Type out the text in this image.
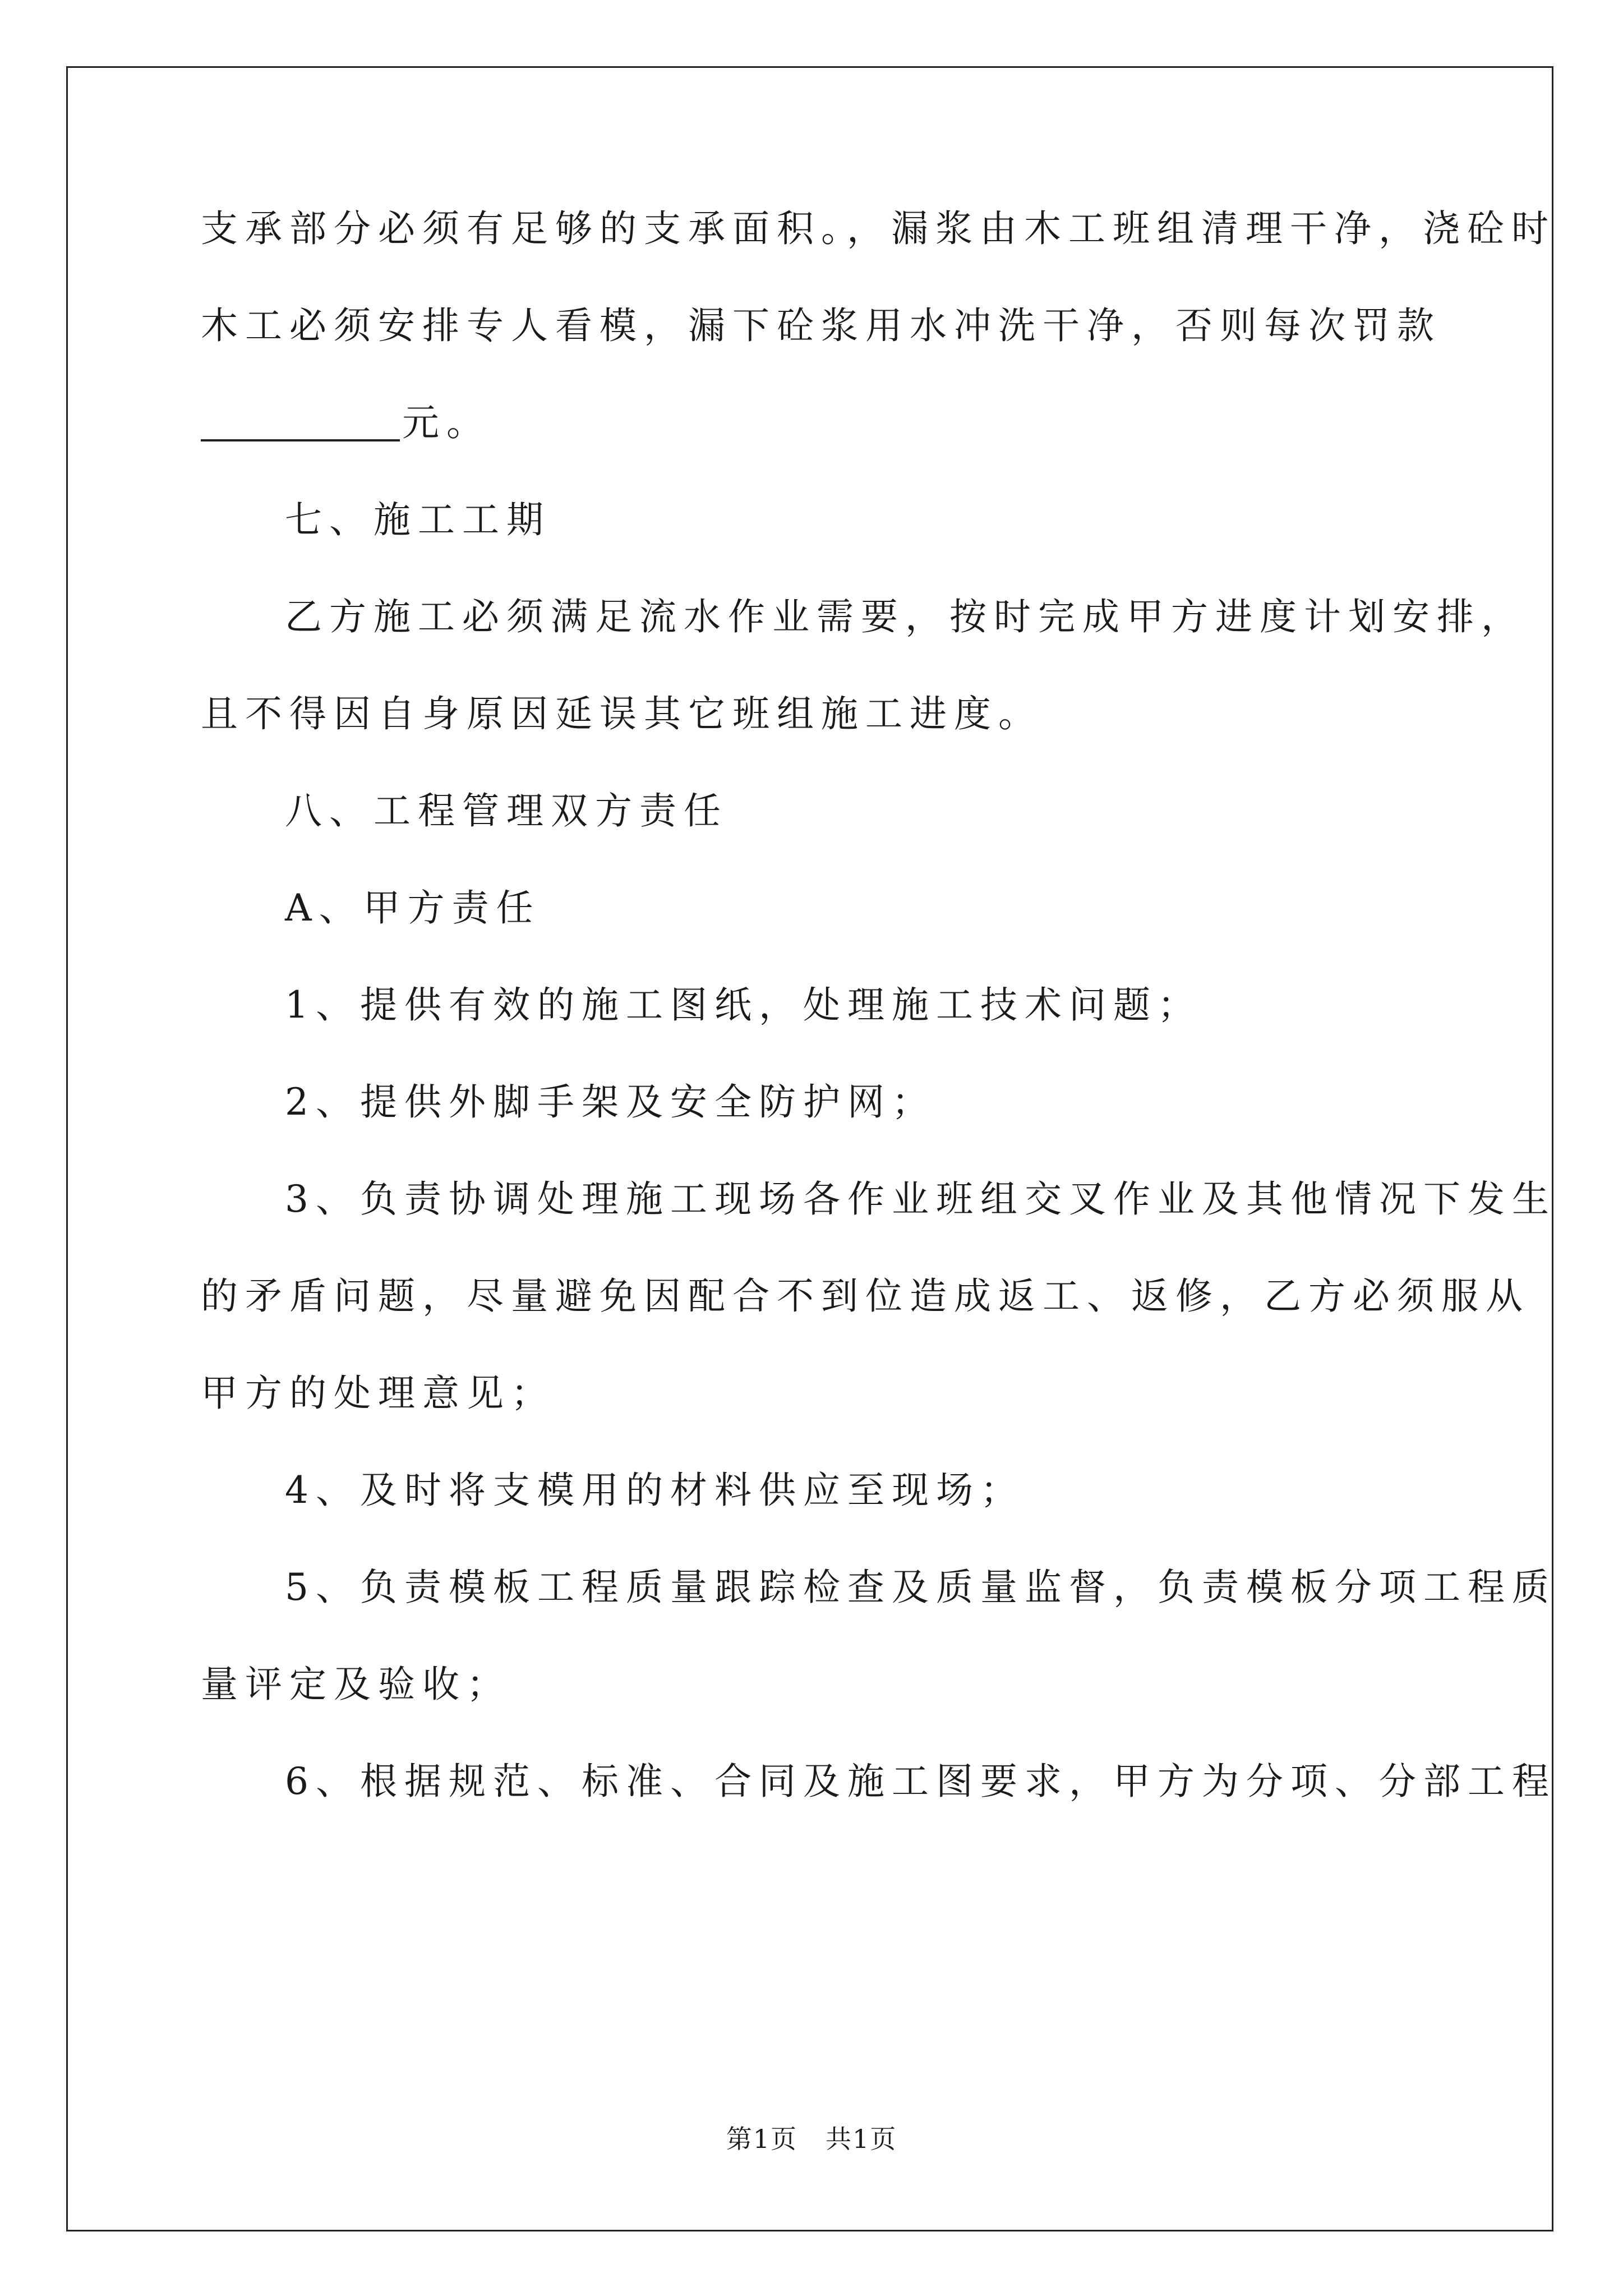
支承部分必须有足够的支承面积。，漏浆由木工班组清理干净，浇砼时

木工必须安排专人看模，漏下砼浆用水冲洗干净，否则每次罚款

元。

七、施工工期

乙方施工必须满足流水作业需要，按时完成甲方进度计划安排，

且不得因自身原因延误其它班组施工进度。

八、工程管理双方责任

A、甲方责任

1、提供有效的施工图纸，处理施工技术问题；

2、提供外脚手架及安全防护网；

3、负责协调处理施工现场各作业班组交叉作业及其他情况下发生

的矛盾问题，尽量避免因配合不到位造成返工、返修，乙方必须服从

甲方的处理意见；

4、及时将支模用的材料供应至现场；

5、负责模板工程质量跟踪检查及质量监督，负责模板分项工程质

量评定及验收；

6、根据规范、标准、合同及施工图要求，甲方为分项、分部工程

第1页 共1页
